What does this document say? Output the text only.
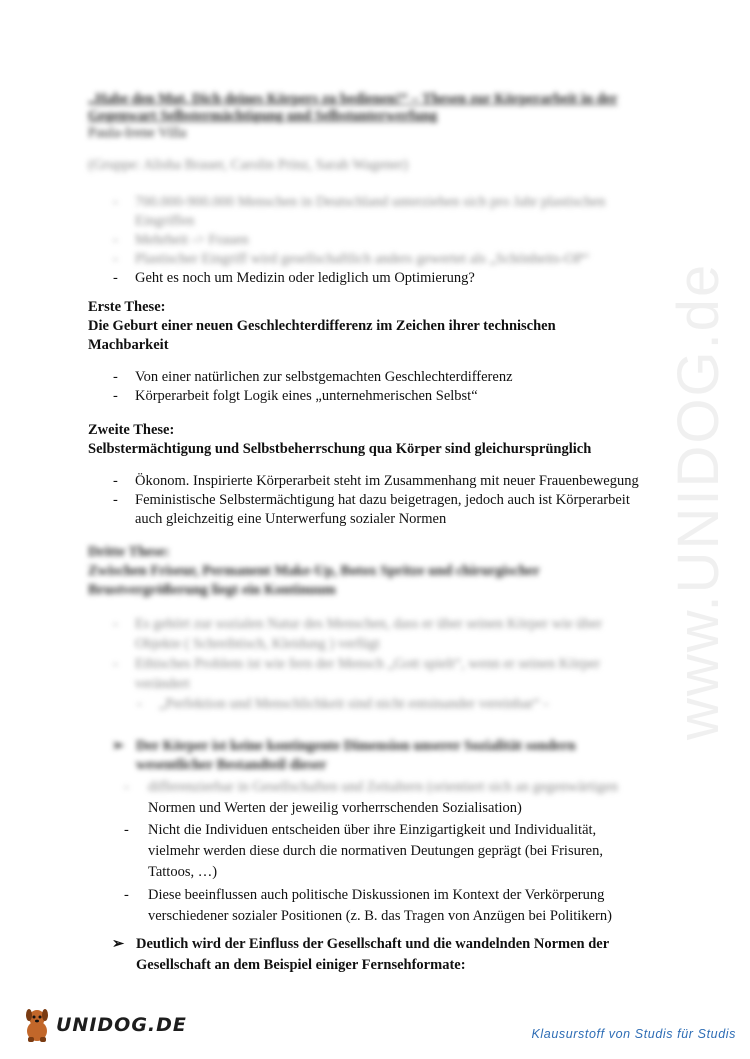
www.UNIDOG.de
„Habe den Mut, Dich deines Körpers zu bedienen!“ – Thesen zur Körperarbeit in der
Gegenwart Selbstermächtigung und Selbstunterwerfung
Paula-Irene Villa
(Gruppe: Alisha Brauer, Carolin Prinz, Sarah Wagener)
- 700.000-900.000 Menschen in Deutschland unterziehen sich pro Jahr plastischen
Eingriffen
- Mehrheit -> Frauen
- Plastischer Eingriff wird gesellschaftlich anders gewertet als „Schönheits-OP“
- Geht es noch um Medizin oder lediglich um Optimierung?
Erste These:
Die Geburt einer neuen Geschlechterdifferenz im Zeichen ihrer technischen
Machbarkeit
- Von einer natürlichen zur selbstgemachten Geschlechterdifferenz
- Körperarbeit folgt Logik eines „unternehmerischen Selbst“
Zweite These:
Selbstermächtigung und Selbstbeherrschung qua Körper sind gleichursprünglich
- Ökonom. Inspirierte Körperarbeit steht im Zusammenhang mit neuer Frauenbewegung
- Feministische Selbstermächtigung hat dazu beigetragen, jedoch auch ist Körperarbeit
auch gleichzeitig eine Unterwerfung sozialer Normen
Dritte These:
Zwischen Friseur, Permanent Make-Up, Botox Spritze und chirurgischer
Brustvergrößerung liegt ein Kontinuum
- Es gehört zur sozialen Natur des Menschen, dass er über seinen Körper wie über
Objekte ( Schreibtisch, Kleidung ) verfügt
- Ethisches Problem ist wie fern der Mensch „Gott spielt“, wenn er seinen Körper
verändert
- „Perfektion und Menschlichkeit sind nicht entsinander vereinbar“ -
➢ Der Körper ist keine kontingente Dimension unserer Sozialität sondern
wesentlicher Bestandteil dieser
- differenzierbar in Gesellschaften und Zeitaltern (orientiert sich an gegenwärtigen
Normen und Werten der jeweilig vorherrschenden Sozialisation)
- Nicht die Individuen entscheiden über ihre Einzigartigkeit und Individualität,
vielmehr werden diese durch die normativen Deutungen geprägt (bei Frisuren,
Tattoos, …)
- Diese beeinflussen auch politische Diskussionen im Kontext der Verkörperung
verschiedener sozialer Positionen (z. B. das Tragen von Anzügen bei Politikern)
➢ Deutlich wird der Einfluss der Gesellschaft und die wandelnden Normen der
Gesellschaft an dem Beispiel einiger Fernsehformate:
UNIDOG.DE	Klausurstoff von Studis für Studis
